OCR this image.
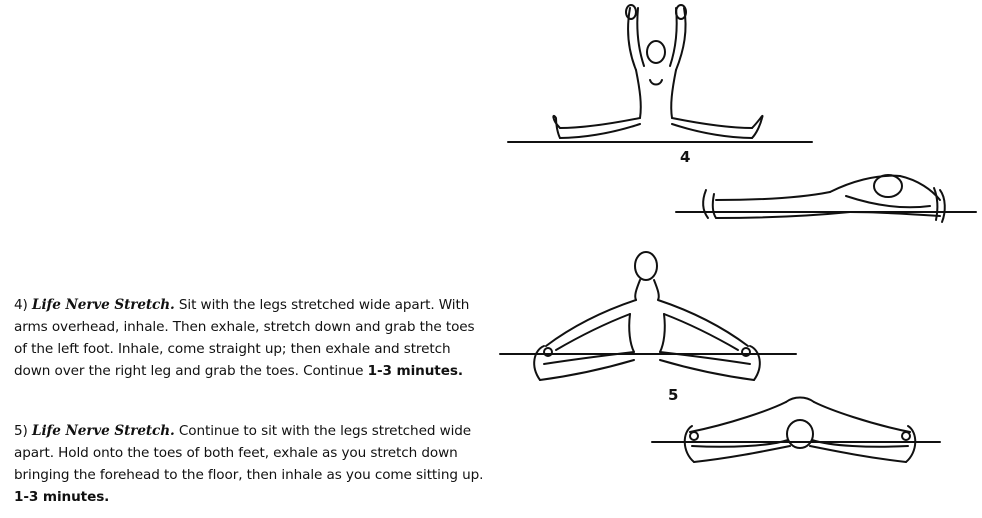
4) Life Nerve Stretch. Sit with the legs stretched wide apart. With arms overhead, inhale. Then exhale, stretch down and grab the toes of the left foot. Inhale, come straight up; then exhale and stretch down over the right leg and grab the toes. Continue 1-3 minutes.
5) Life Nerve Stretch. Continue to sit with the legs stretched wide apart. Hold onto the toes of both feet, exhale as you stretch down bringing the forehead to the floor, then inhale as you come sitting up. 1-3 minutes.
4
5
